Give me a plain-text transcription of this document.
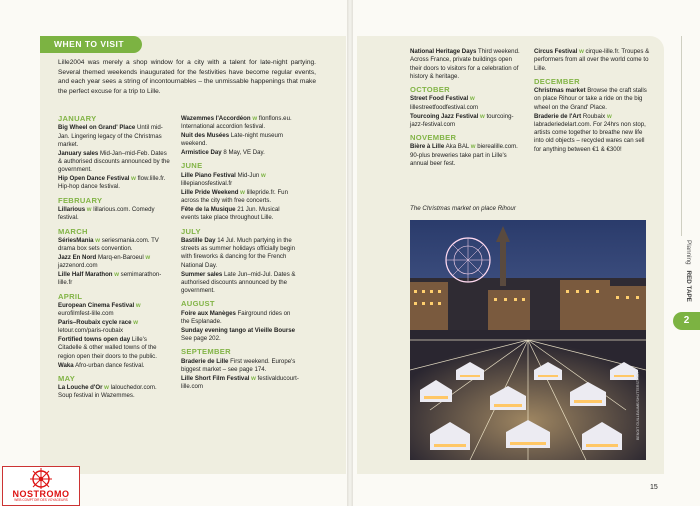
WHEN TO VISIT
Lille2004 was merely a shop window for a city with a talent for late-night partying. Several themed weekends inaugurated for the festivities have become regular events, and each year sees a string of incontournables – the unmissable happenings that make the perfect excuse for a trip to Lille.
JANUARY
Big Wheel on Grand' Place Until mid-Jan. Lingering legacy of the Christmas market.
January sales Mid-Jan–mid-Feb. Dates & authorised discounts announced by the government.
Hip Open Dance Festival w flow.lille.fr. Hip-hop dance festival.
FEBRUARY
Lillarious w lillarious.com. Comedy festival.
MARCH
SériesMania w seriesmania.com. TV drama box sets convention.
Jazz En Nord Marq-en-Baroeul w jazzenord.com
Lille Half Marathon w semimarathon-lille.fr
APRIL
European Cinema Festival w eurofilmfest-lille.com
Paris–Roubaix cycle race w letour.com/paris-roubaix
Fortified towns open day Lille's Citadelle & other walled towns of the region open their doors to the public.
Waka Afro-urban dance festival.
MAY
La Louche d'Or w lalouchedor.com. Soup festival in Wazemmes.
Wazemmes l'Accordéon w flonflons.eu. International accordion festival.
Nuit des Musées Late-night museum weekend.
Armistice Day 8 May, VE Day.
JUNE
Lille Piano Festival Mid-Jun w lillepianosfestival.fr
Lille Pride Weekend w lillepride.fr. Fun across the city with free concerts.
Fête de la Musique 21 Jun. Musical events take place throughout Lille.
JULY
Bastille Day 14 Jul. Much partying in the streets as summer holidays officially begin with fireworks & dancing for the French National Day.
Summer sales Late Jun–mid-Jul. Dates & authorised discounts announced by the government.
AUGUST
Foire aux Manèges Fairground rides on the Esplanade.
Sunday evening tango at Vieille Bourse See page 202.
SEPTEMBER
Braderie de Lille First weekend. Europe's biggest market – see page 174.
Lille Short Film Festival w festivalducourt-lille.com
National Heritage Days Third weekend. Across France, private buildings open their doors to visitors for a celebration of history & heritage.
OCTOBER
Street Food Festival w lillestreetfoodfestival.com
Tourcoing Jazz Festival w tourcoing-jazz-festival.com
NOVEMBER
Bière à Lille Aka BAL w bierealille.com. 90-plus breweries take part in Lille's annual beer fest.
Circus Festival w cirque-lille.fr. Troupes & performers from all over the world come to Lille.
DECEMBER
Christmas market Browse the craft stalls on place Rihour or take a ride on the big wheel on the Grand' Place.
Braderie de l'Art Roubaix w labraderiedelart.com. For 24hrs non stop, artists come together to breathe new life into old objects – recycled wares can sell for anything between €1 & €300!
The Christmas market on place Rihour
BENOIT GUILLEAUME/SHUTTERSTOCK
PlanningRED TAPE
2
15
NOSTROMO
WEB COMPTOIR DES VOYAGEURS
